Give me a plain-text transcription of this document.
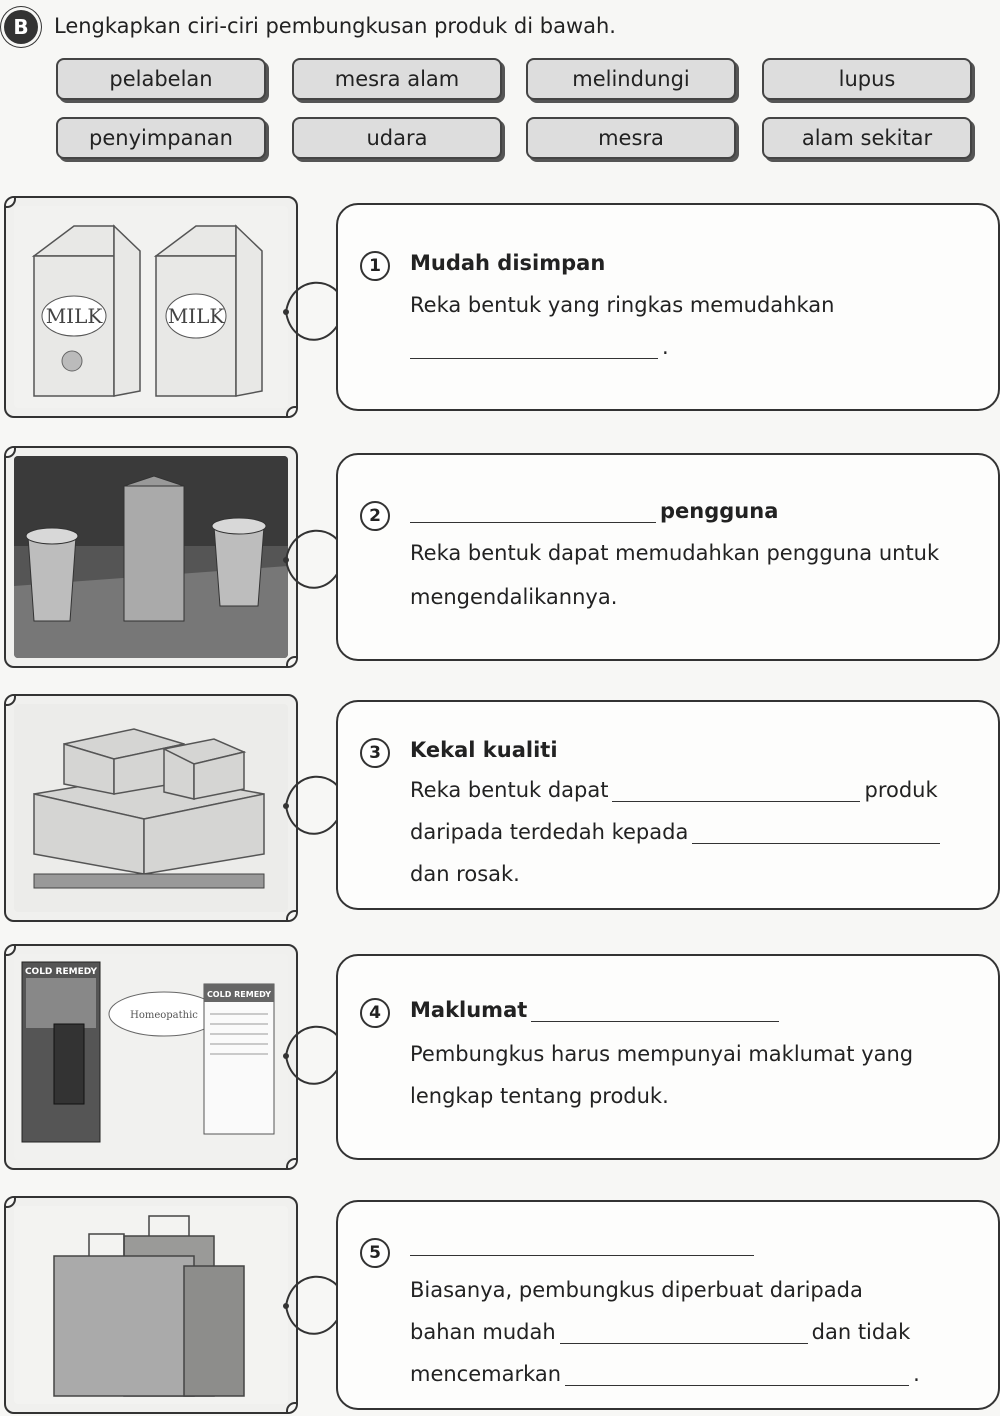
B	Lengkapkan ciri-ciri pembungkusan produk di bawah.
pelabelan	mesra alam	melindungi	lupus
penyimpanan	udara	mesra	alam sekitar
MILK	MILK
1	Mudah disimpan
Reka bentuk yang ringkas memudahkan
.
2	pengguna
Reka bentuk dapat memudahkan pengguna untuk
mengendalikannya.
3	Kekal kualiti
Reka bentuk dapat	produk
daripada terdedah kepada
dan rosak.
COLD REMEDY
Homeopathic
COLD REMEDY
4	Maklumat
Pembungkus harus mempunyai maklumat yang
lengkap tentang produk.
5
Biasanya, pembungkus diperbuat daripada
bahan mudah	dan tidak
mencemarkan	.
